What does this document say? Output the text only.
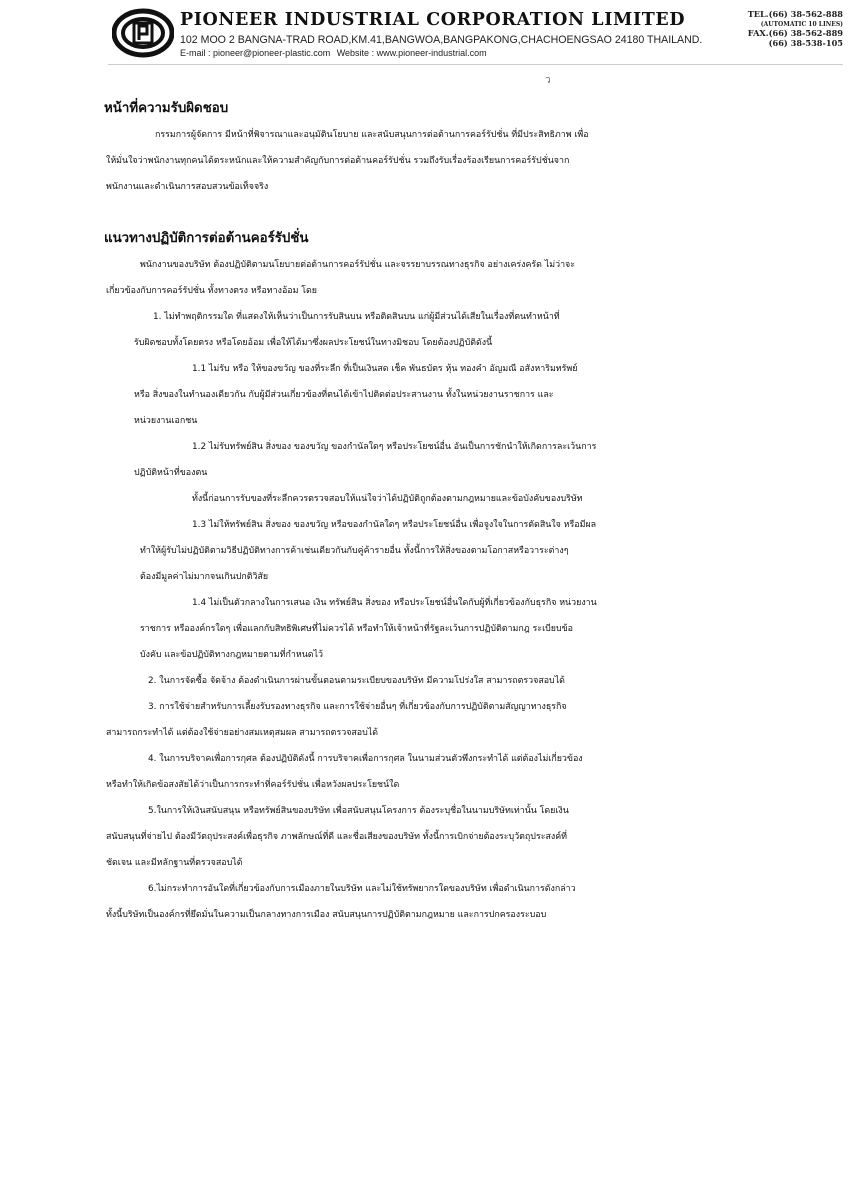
PIONEER INDUSTRIAL CORPORATION LIMITED
102 MOO 2 BANGNA-TRAD ROAD,KM.41,BANGWOA,BANGPAKONG,CHACHOENGSAO 24180 THAILAND.
E-mail : pioneer@pioneer-plastic.com Website : www.pioneer-industrial.com
TEL.(66) 38-562-888
(AUTOMATIC 10 LINES)
FAX.(66) 38-562-889
(66) 38-538-105
ว
หน้าที่ความรับผิดชอบ

กรรมการผู้จัดการ มีหน้าที่พิจารณาและอนุมัตินโยบาย และสนับสนุนการต่อต้านการคอร์รัปชั่น ที่มีประสิทธิภาพ เพื่อ

ให้มั่นใจว่าพนักงานทุกคนได้ตระหนักและให้ความสำคัญกับการต่อต้านคอร์รัปชั่น รวมถึงรับเรื่องร้องเรียนการคอร์รัปชั่นจาก

พนักงานและดำเนินการสอบสวนข้อเท็จจริง

แนวทางปฏิบัติการต่อต้านคอร์รัปชั่น

พนักงานของบริษัท ต้องปฏิบัติตามนโยบายต่อต้านการคอร์รัปชั่น และจรรยาบรรณทางธุรกิจ อย่างเคร่งครัด ไม่ว่าจะ

เกี่ยวข้องกับการคอร์รัปชั่น ทั้งทางตรง หรือทางอ้อม โดย

1. ไม่ทำพฤติกรรมใด ที่แสดงให้เห็นว่าเป็นการรับสินบน หรือติดสินบน แก่ผู้มีส่วนได้เสียในเรื่องที่ตนทำหน้าที่

รับผิดชอบทั้งโดยตรง หรือโดยอ้อม เพื่อให้ได้มาซึ่งผลประโยชน์ในทางมิชอบ โดยต้องปฏิบัติดังนี้

1.1 ไม่รับ หรือ ให้ของขวัญ ของที่ระลึก ที่เป็นเงินสด เช็ค พันธบัตร หุ้น ทองคำ อัญมณี อสังหาริมทรัพย์

หรือ สิ่งของในทำนองเดียวกัน กับผู้มีส่วนเกี่ยวข้องที่ตนได้เข้าไปติดต่อประสานงาน ทั้งในหน่วยงานราชการ และ

หน่วยงานเอกชน

1.2 ไม่รับทรัพย์สิน สิ่งของ ของขวัญ ของกำนัลใดๆ หรือประโยชน์อื่น อันเป็นการชักนำให้เกิดการละเว้นการ

ปฏิบัติหน้าที่ของตน

ทั้งนี้ก่อนการรับของที่ระลึกควรตรวจสอบให้แน่ใจว่าได้ปฏิบัติถูกต้องตามกฎหมายและข้อบังคับของบริษัท

1.3 ไม่ให้ทรัพย์สิน สิ่งของ ของขวัญ หรือของกำนัลใดๆ หรือประโยชน์อื่น เพื่อจูงใจในการตัดสินใจ หรือมีผล

ทำให้ผู้รับไม่ปฏิบัติตามวิธีปฏิบัติทางการค้าเช่นเดียวกันกับคู่ค้ารายอื่น ทั้งนี้การให้สิ่งของตามโอกาสหรือวาระต่างๆ

ต้องมีมูลค่าไม่มากจนเกินปกติวิสัย

1.4 ไม่เป็นตัวกลางในการเสนอ เงิน ทรัพย์สิน สิ่งของ หรือประโยชน์อื่นใดกับผู้ที่เกี่ยวข้องกับธุรกิจ หน่วยงาน

ราชการ หรือองค์กรใดๆ เพื่อแลกกับสิทธิพิเศษที่ไม่ควรได้ หรือทำให้เจ้าหน้าที่รัฐละเว้นการปฏิบัติตามกฎ ระเบียบข้อ

บังคับ และข้อปฏิบัติทางกฎหมายตามที่กำหนดไว้

2. ในการจัดซื้อ จัดจ้าง ต้องดำเนินการผ่านขั้นตอนตามระเบียบของบริษัท มีความโปร่งใส สามารถตรวจสอบได้

3. การใช้จ่ายสำหรับการเลี้ยงรับรองทางธุรกิจ และการใช้จ่ายอื่นๆ ที่เกี่ยวข้องกับการปฏิบัติตามสัญญาทางธุรกิจ

สามารถกระทำได้ แต่ต้องใช้จ่ายอย่างสมเหตุสมผล สามารถตรวจสอบได้

4. ในการบริจาคเพื่อการกุศล ต้องปฏิบัติดังนี้ การบริจาคเพื่อการกุศล ในนามส่วนตัวพึงกระทำได้ แต่ต้องไม่เกี่ยวข้อง

หรือทำให้เกิดข้อสงสัยได้ว่าเป็นการกระทำที่คอร์รัปชั่น เพื่อหวังผลประโยชน์ใด

5.ในการให้เงินสนับสนุน หรือทรัพย์สินของบริษัท เพื่อสนับสนุนโครงการ ต้องระบุชื่อในนามบริษัทเท่านั้น โดยเงิน

สนับสนุนที่จ่ายไป ต้องมีวัตถุประสงค์เพื่อธุรกิจ ภาพลักษณ์ที่ดี และชื่อเสียงของบริษัท ทั้งนี้การเบิกจ่ายต้องระบุวัตถุประสงค์ที่

ชัดเจน และมีหลักฐานที่ตรวจสอบได้

6.ไม่กระทำการอันใดที่เกี่ยวข้องกับการเมืองภายในบริษัท และไม่ใช้ทรัพยากรใดของบริษัท เพื่อดำเนินการดังกล่าว

ทั้งนี้บริษัทเป็นองค์กรที่ยึดมั่นในความเป็นกลางทางการเมือง สนับสนุนการปฏิบัติตามกฎหมาย และการปกครองระบอบ
